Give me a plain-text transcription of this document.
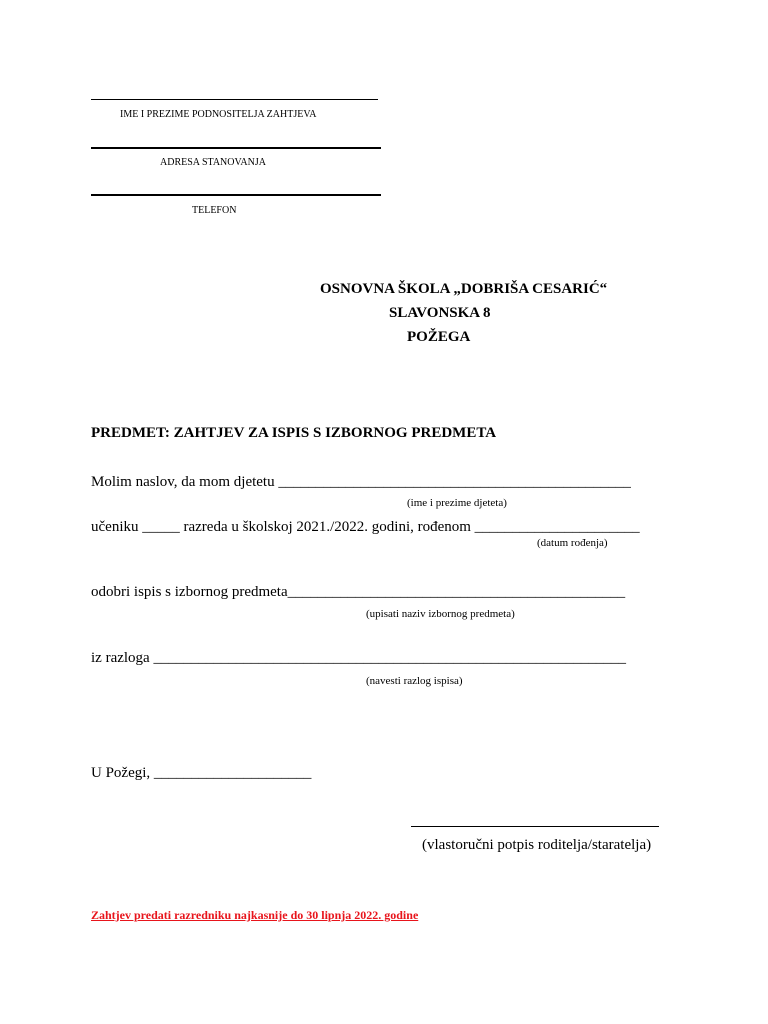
IME I PREZIME PODNOSITELJA ZAHTJEVA
ADRESA STANOVANJA
TELEFON
OSNOVNA ŠKOLA „DOBRIŠA CESARIĆ“
SLAVONSKA 8
POŽEGA
PREDMET: ZAHTJEV ZA ISPIS S IZBORNOG PREDMETA
Molim naslov, da mom djetetu _______________________________________________
(ime i prezime djeteta)
učeniku _____ razreda u školskoj 2021./2022. godini, rođenom ______________________
(datum rođenja)
odobri ispis s izbornog predmeta_____________________________________________
(upisati naziv izbornog predmeta)
iz razloga _______________________________________________________________
(navesti razlog ispisa)
U Požegi, _____________________
(vlastoručni potpis roditelja/staratelja)
Zahtjev predati razredniku najkasnije do 30 lipnja 2022. godine
